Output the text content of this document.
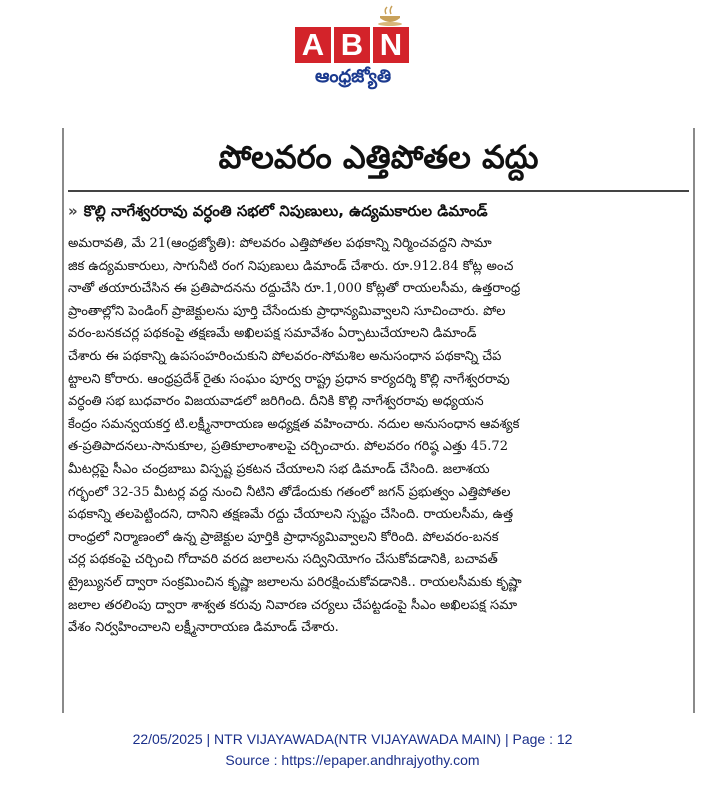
A B N
ఆంధ్రజ్యోతి
పోలవరం ఎత్తిపోతల వద్దు
» కొల్లి నాగేశ్వరరావు వర్ధంతి సభలో నిపుణులు, ఉద్యమకారుల డిమాండ్
అమరావతి, మే 21(ఆంధ్రజ్యోతి): పోలవరం ఎత్తిపోతల పథకాన్ని నిర్మించవద్దని సామా
జిక ఉద్యమకారులు, సాగునీటి రంగ నిపుణులు డిమాండ్ చేశారు. రూ.912.84 కోట్ల అంచ
నాతో తయారుచేసిన ఈ ప్రతిపాదనను రద్దుచేసి రూ.1,000 కోట్లతో రాయలసీమ, ఉత్తరాంధ్ర
ప్రాంతాల్లోని పెండింగ్ ప్రాజెక్టులను పూర్తి చేసేందుకు ప్రాధాన్యమివ్వాలని సూచించారు. పోల
వరం-బనకచర్ల పథకంపై తక్షణమే అఖిలపక్ష సమావేశం ఏర్పాటుచేయాలని డిమాండ్
చేశారు ఈ పథకాన్ని ఉపసంహరించుకుని పోలవరం-సోమశిల అనుసంధాన పథకాన్ని చేప
ట్టాలని కోరారు. ఆంధ్రప్రదేశ్ రైతు సంఘం పూర్వ రాష్ట్ర ప్రధాన కార్యదర్శి కొల్లి నాగేశ్వరరావు
వర్ధంతి సభ బుధవారం విజయవాడలో జరిగింది. దీనికి కొల్లి నాగేశ్వరరావు అధ్యయన
కేంద్రం సమన్వయకర్త టి.లక్ష్మీనారాయణ అధ్యక్షత వహించారు. నదుల అనుసంధాన ఆవశ్యక
త-ప్రతిపాదనలు-సానుకూల, ప్రతికూలాంశాలపై చర్చించారు. పోలవరం గరిష్ఠ ఎత్తు 45.72
మీటర్లపై సీఎం చంద్రబాబు విస్పష్ట ప్రకటన చేయాలని సభ డిమాండ్ చేసింది. జలాశయ
గర్భంలో 32-35 మీటర్ల వద్ద నుంచి నీటిని తోడేందుకు గతంలో జగన్ ప్రభుత్వం ఎత్తిపోతల
పథకాన్ని తలపెట్టిందని, దానిని తక్షణమే రద్దు చేయాలని స్పష్టం చేసింది. రాయలసీమ, ఉత్త
రాంధ్రలో నిర్మాణంలో ఉన్న ప్రాజెక్టుల పూర్తికి ప్రాధాన్యమివ్వాలని కోరింది. పోలవరం-బనక
చర్ల పథకంపై చర్చించి గోదావరి వరద జలాలను సద్వినియోగం చేసుకోవడానికి, బచావత్
ట్రైబ్యునల్ ద్వారా సంక్రమించిన కృష్ణా జలాలను పరిరక్షించుకోవడానికి.. రాయలసీమకు కృష్ణా
జలాల తరలింపు ద్వారా శాశ్వత కరువు నివారణ చర్యలు చేపట్టడంపై సీఎం అఖిలపక్ష సమా
వేశం నిర్వహించాలని లక్ష్మీనారాయణ డిమాండ్ చేశారు.
22/05/2025 | NTR VIJAYAWADA(NTR VIJAYAWADA MAIN) | Page : 12
Source : https://epaper.andhrajyothy.com
